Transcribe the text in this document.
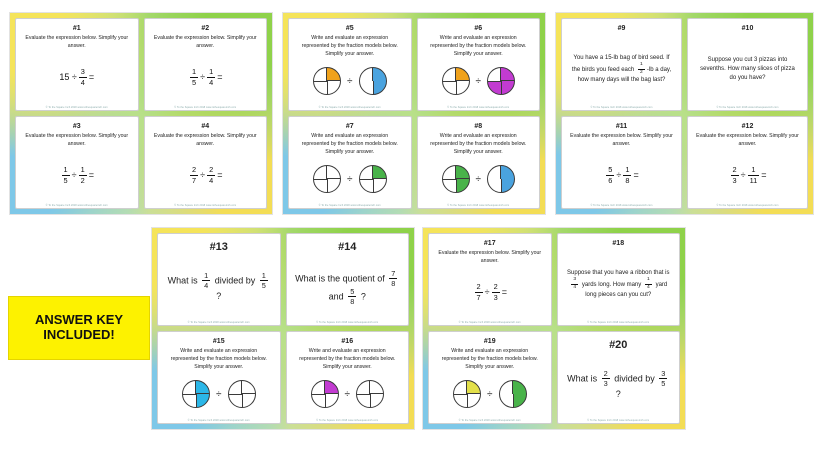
ANSWER KEY
INCLUDED!
#1
Evaluate the expression below. Simplify your answer.
$15 \div \frac{3}{4}$ =
© To the Square Inch 2018 www.tothesquareinch.com
#2
Evaluate the expression below. Simplify your answer.
$\frac{1}{5} \div \frac{1}{4}$ =
© To the Square Inch 2018 www.tothesquareinch.com
#3
Evaluate the expression below. Simplify your answer.
$\frac{1}{5} \div \frac{1}{2}$ =
© To the Square Inch 2018 www.tothesquareinch.com
#4
Evaluate the expression below. Simplify your answer.
$\frac{2}{7} \div \frac{2}{4}$ =
© To the Square Inch 2018 www.tothesquareinch.com
#5
Write and evaluate an expression represented by the fraction models below. Simplify your answer.
÷
© To the Square Inch 2018 www.tothesquareinch.com
#6
Write and evaluate an expression represented by the fraction models below. Simplify your answer.
÷
© To the Square Inch 2018 www.tothesquareinch.com
#7
Write and evaluate an expression represented by the fraction models below. Simplify your answer.
÷
© To the Square Inch 2018 www.tothesquareinch.com
#8
Write and evaluate an expression represented by the fraction models below. Simplify your answer.
÷
© To the Square Inch 2018 www.tothesquareinch.com
#9
You have a 15-lb bag of bird seed. If the birds you feed each $\frac{1}{2} -lb$ a day, how many days will the bag last?
© To the Square Inch 2018 www.tothesquareinch.com
#10
Suppose you cut 3 pizzas into sevenths. How many slices of pizza do you have?
© To the Square Inch 2018 www.tothesquareinch.com
#11
Evaluate the expression below. Simplify your answer.
$\frac{5}{6} \div \frac{1}{8}$ =
© To the Square Inch 2018 www.tothesquareinch.com
#12
Evaluate the expression below. Simplify your answer.
$\frac{2}{3} \div \frac{1}{11}$ =
© To the Square Inch 2018 www.tothesquareinch.com
#13
What is $\frac{1}{4}$ divided by $\frac{1}{5}$
?
© To the Square Inch 2018 www.tothesquareinch.com
#14
What is the quotient of $\frac{7}{8}$
and $\frac{5}{8}$ ?
© To the Square Inch 2018 www.tothesquareinch.com
#15
Write and evaluate an expression represented by the fraction models below. Simplify your answer.
÷
© To the Square Inch 2018 www.tothesquareinch.com
#16
Write and evaluate an expression represented by the fraction models below. Simplify your answer.
÷
© To the Square Inch 2018 www.tothesquareinch.com
#17
Evaluate the expression below. Simplify your answer.
$\frac{2}{7} \div \frac{2}{3}$ =
© To the Square Inch 2018 www.tothesquareinch.com
#18
Suppose that you have a ribbon that is
$\frac{3}{4}$ yards long. How many $\frac{1}{4}$ yard long pieces can you cut?
© To the Square Inch 2018 www.tothesquareinch.com
#19
Write and evaluate an expression represented by the fraction models below. Simplify your answer.
÷
© To the Square Inch 2018 www.tothesquareinch.com
#20
What is $\frac{2}{3}$ divided by $\frac{3}{5}$
?
© To the Square Inch 2018 www.tothesquareinch.com
